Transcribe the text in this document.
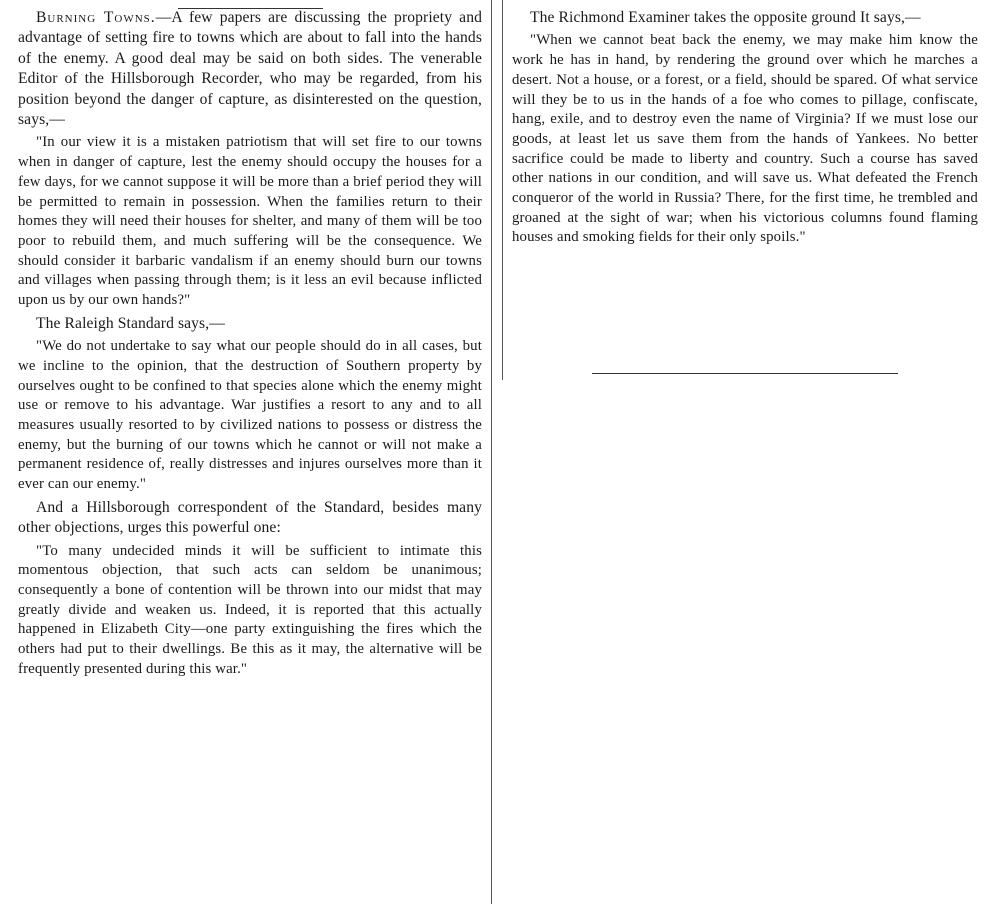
Burning Towns.—A few papers are discussing the propriety and advantage of setting fire to towns which are about to fall into the hands of the enemy. A good deal may be said on both sides. The venerable Editor of the Hillsborough Recorder, who may be regarded, from his position beyond the danger of capture, as disinterested on the question, says,—

"In our view it is a mistaken patriotism that will set fire to our towns when in danger of capture, lest the enemy should occupy the houses for a few days, for we cannot suppose it will be more than a brief period they will be permitted to remain in possession. When the families return to their homes they will need their houses for shelter, and many of them will be too poor to rebuild them, and much suffering will be the consequence. We should consider it barbaric vandalism if an enemy should burn our towns and villages when passing through them; is it less an evil because inflicted upon us by our own hands?"

The Raleigh Standard says,—

"We do not undertake to say what our people should do in all cases, but we incline to the opinion, that the destruction of Southern property by ourselves ought to be confined to that species alone which the enemy might use or remove to his advantage. War justifies a resort to any and to all measures usually resorted to by civilized nations to possess or distress the enemy, but the burning of our towns which he cannot or will not make a permanent residence of, really distresses and injures ourselves more than it ever can our enemy."

And a Hillsborough correspondent of the Standard, besides many other objections, urges this powerful one:

"To many undecided minds it will be sufficient to intimate this momentous objection, that such acts can seldom be unanimous; consequently a bone of contention will be thrown into our midst that may greatly divide and weaken us. Indeed, it is reported that this actually happened in Elizabeth City—one party extinguishing the fires which the others had put to their dwellings. Be this as it may, the alternative will be frequently presented during this war."

The Richmond Examiner takes the opposite ground It says,—

"When we cannot beat back the enemy, we may make him know the work he has in hand, by rendering the ground over which he marches a desert. Not a house, or a forest, or a field, should be spared. Of what service will they be to us in the hands of a foe who comes to pillage, confiscate, hang, exile, and to destroy even the name of Virginia? If we must lose our goods, at least let us save them from the hands of Yankees. No better sacrifice could be made to liberty and country. Such a course has saved other nations in our condition, and will save us. What defeated the French conqueror of the world in Russia? There, for the first time, he trembled and groaned at the sight of war; when his victorious columns found flaming houses and smoking fields for their only spoils."
